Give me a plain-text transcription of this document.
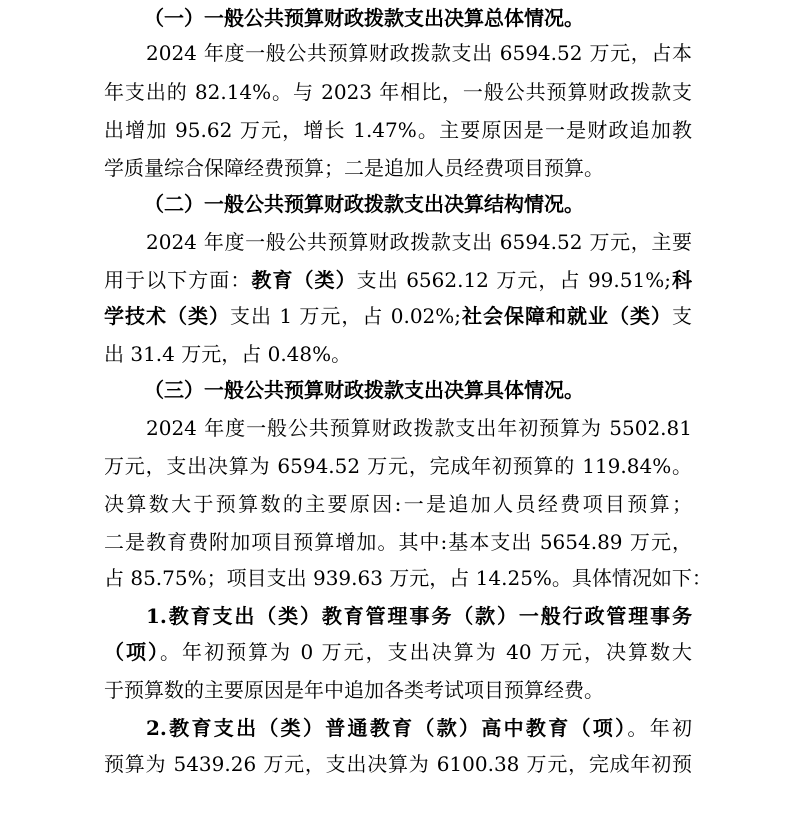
（一）一般公共预算财政拨款支出决算总体情况。
2024 年度一般公共预算财政拨款支出 6594.52 万元，占本
年支出的 82.14%。与 2023 年相比，一般公共预算财政拨款支
出增加 95.62 万元，增长 1.47%。主要原因是一是财政追加教
学质量综合保障经费预算；二是追加人员经费项目预算。
（二）一般公共预算财政拨款支出决算结构情况。
2024 年度一般公共预算财政拨款支出 6594.52 万元，主要
用于以下方面：教育（类）支出 6562.12 万元，占 99.51%;科
学技术（类）支出 1 万元，占 0.02%;社会保障和就业（类）支
出 31.4 万元，占 0.48%。
（三）一般公共预算财政拨款支出决算具体情况。
2024 年度一般公共预算财政拨款支出年初预算为 5502.81
万元，支出决算为 6594.52 万元，完成年初预算的 119.84%。
决算数大于预算数的主要原因:一是追加人员经费项目预算；
二是教育费附加项目预算增加。其中:基本支出 5654.89 万元，
占 85.75%；项目支出 939.63 万元，占 14.25%。具体情况如下：
1.教育支出（类）教育管理事务（款）一般行政管理事务
（项）。年初预算为 0 万元，支出决算为 40 万元，决算数大
于预算数的主要原因是年中追加各类考试项目预算经费。
2.教育支出（类）普通教育（款）高中教育（项）。年初
预算为 5439.26 万元，支出决算为 6100.38 万元，完成年初预
